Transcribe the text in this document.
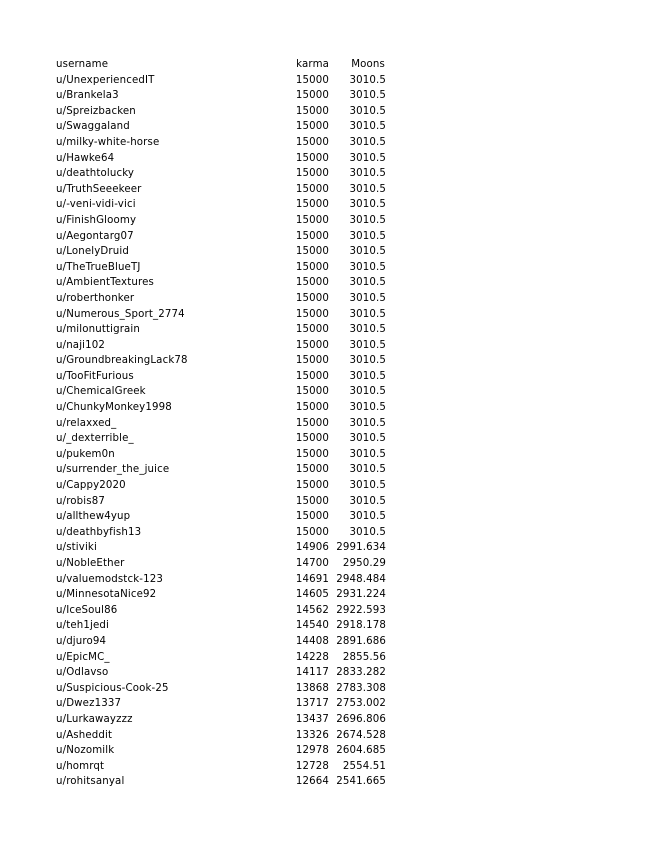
username	karma	Moons
u/UnexperiencedIT	15000	3010.5
u/Brankela3	15000	3010.5
u/Spreizbacken	15000	3010.5
u/Swaggaland	15000	3010.5
u/milky-white-horse	15000	3010.5
u/Hawke64	15000	3010.5
u/deathtolucky	15000	3010.5
u/TruthSeeekeer	15000	3010.5
u/-veni-vidi-vici	15000	3010.5
u/FinishGloomy	15000	3010.5
u/Aegontarg07	15000	3010.5
u/LonelyDruid	15000	3010.5
u/TheTrueBlueTJ	15000	3010.5
u/AmbientTextures	15000	3010.5
u/roberthonker	15000	3010.5
u/Numerous_Sport_2774	15000	3010.5
u/milonuttigrain	15000	3010.5
u/naji102	15000	3010.5
u/GroundbreakingLack78	15000	3010.5
u/TooFitFurious	15000	3010.5
u/ChemicalGreek	15000	3010.5
u/ChunkyMonkey1998	15000	3010.5
u/relaxxed_	15000	3010.5
u/_dexterrible_	15000	3010.5
u/pukem0n	15000	3010.5
u/surrender_the_juice	15000	3010.5
u/Cappy2020	15000	3010.5
u/robis87	15000	3010.5
u/allthew4yup	15000	3010.5
u/deathbyfish13	15000	3010.5
u/stiviki	14906	2991.634
u/NobleEther	14700	2950.29
u/valuemodstck-123	14691	2948.484
u/MinnesotaNice92	14605	2931.224
u/IceSoul86	14562	2922.593
u/teh1jedi	14540	2918.178
u/djuro94	14408	2891.686
u/EpicMC_	14228	2855.56
u/Odlavso	14117	2833.282
u/Suspicious-Cook-25	13868	2783.308
u/Dwez1337	13717	2753.002
u/Lurkawayzzz	13437	2696.806
u/Asheddit	13326	2674.528
u/Nozomilk	12978	2604.685
u/homrqt	12728	2554.51
u/rohitsanyal	12664	2541.665
